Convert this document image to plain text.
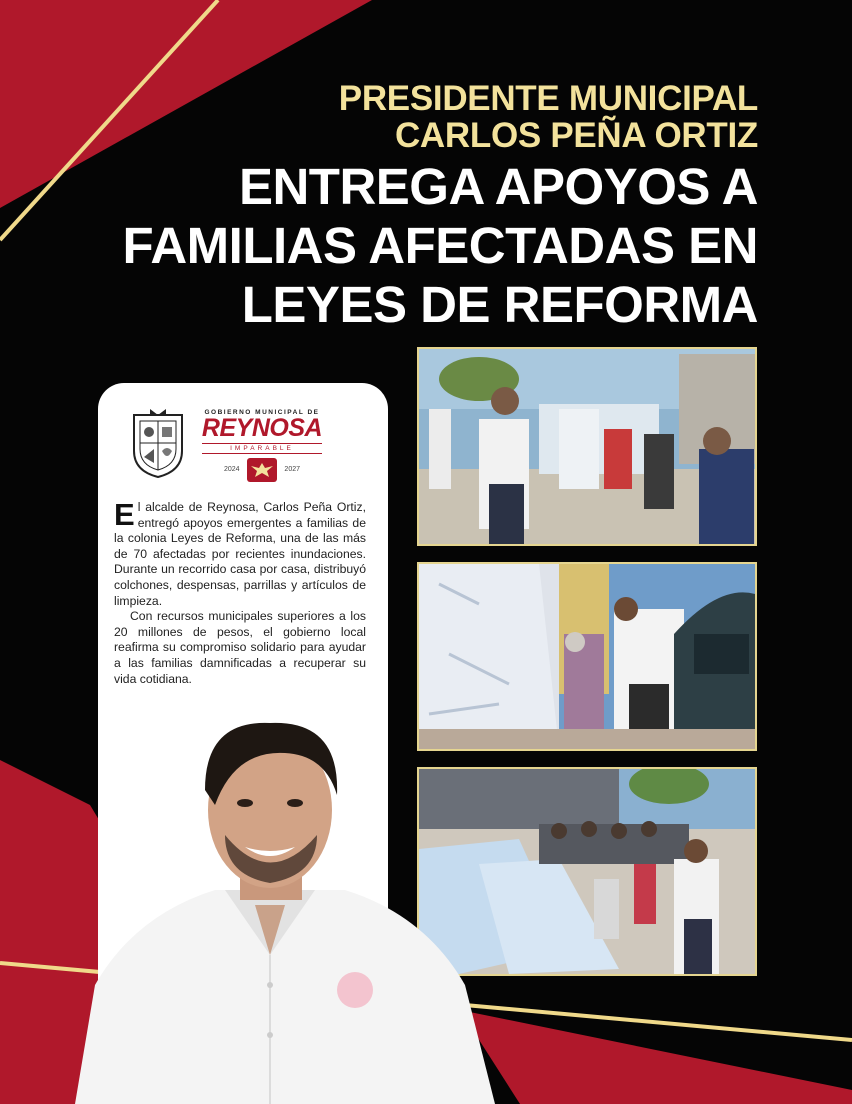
PRESIDENTE MUNICIPAL
CARLOS PEÑA ORTIZ
ENTREGA APOYOS A
FAMILIAS AFECTADAS EN
LEYES DE REFORMA
GOBIERNO MUNICIPAL DE
REYNOSA
IMPARABLE
2024	2027

El alcalde de Reynosa, Carlos Peña Ortiz, entregó apoyos emergentes a familias de la colonia Leyes de Reforma, una de las más de 70 afectadas por recientes inundaciones. Durante un recorrido casa por casa, distribuyó colchones, despensas, parrillas y artículos de limpieza.

Con recursos municipales superiores a los 20 millones de pesos, el gobierno local reafirma su compromiso solidario para ayudar a las familias damnificadas a recuperar su vida cotidiana.
